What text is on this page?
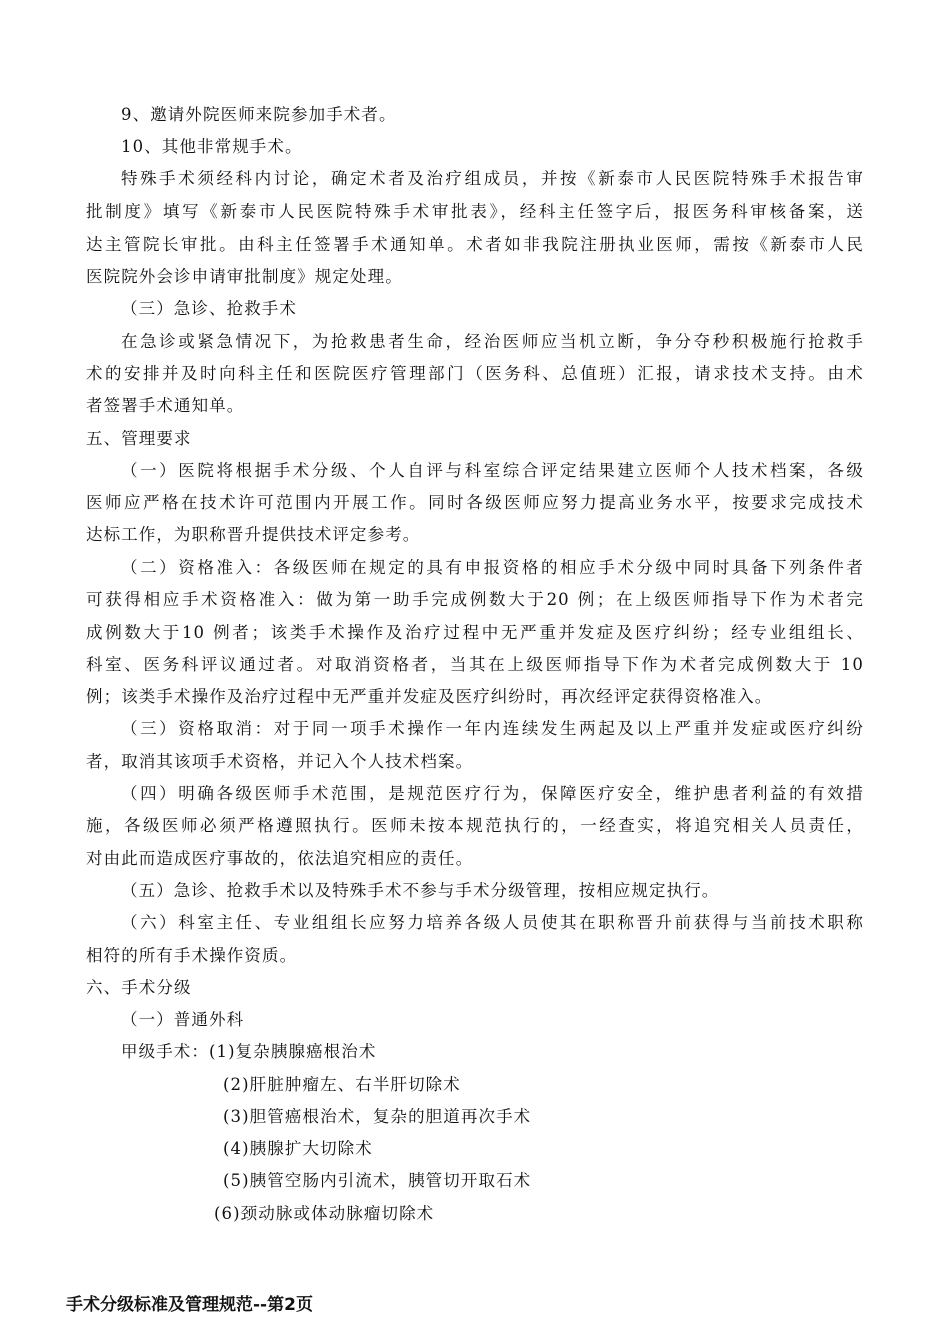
9、邀请外院医师来院参加手术者。
10、其他非常规手术。
特殊手术须经科内讨论，确定术者及治疗组成员，并按《新泰市人民医院特殊手术报告审
批制度》填写《新泰市人民医院特殊手术审批表》，经科主任签字后，报医务科审核备案，送
达主管院长审批。由科主任签署手术通知单。术者如非我院注册执业医师，需按《新泰市人民
医院院外会诊申请审批制度》规定处理。
（三）急诊、抢救手术
在急诊或紧急情况下，为抢救患者生命，经治医师应当机立断，争分夺秒积极施行抢救手
术的安排并及时向科主任和医院医疗管理部门（医务科、总值班）汇报，请求技术支持。由术
者签署手术通知单。
五、管理要求
（一）医院将根据手术分级、个人自评与科室综合评定结果建立医师个人技术档案，各级
医师应严格在技术许可范围内开展工作。同时各级医师应努力提高业务水平，按要求完成技术
达标工作，为职称晋升提供技术评定参考。
（二）资格准入：各级医师在规定的具有申报资格的相应手术分级中同时具备下列条件者
可获得相应手术资格准入：做为第一助手完成例数大于20 例；在上级医师指导下作为术者完
成例数大于10 例者；该类手术操作及治疗过程中无严重并发症及医疗纠纷；经专业组组长、
科室、医务科评议通过者。对取消资格者，当其在上级医师指导下作为术者完成例数大于 10
例；该类手术操作及治疗过程中无严重并发症及医疗纠纷时，再次经评定获得资格准入。
（三）资格取消：对于同一项手术操作一年内连续发生两起及以上严重并发症或医疗纠纷
者，取消其该项手术资格，并记入个人技术档案。
（四）明确各级医师手术范围，是规范医疗行为，保障医疗安全，维护患者利益的有效措
施，各级医师必须严格遵照执行。医师未按本规范执行的，一经查实，将追究相关人员责任，
对由此而造成医疗事故的，依法追究相应的责任。
（五）急诊、抢救手术以及特殊手术不参与手术分级管理，按相应规定执行。
（六）科室主任、专业组组长应努力培养各级人员使其在职称晋升前获得与当前技术职称
相符的所有手术操作资质。
六、手术分级
（一）普通外科
甲级手术：(1)复杂胰腺癌根治术
(2)肝脏肿瘤左、右半肝切除术
(3)胆管癌根治术，复杂的胆道再次手术
(4)胰腺扩大切除术
(5)胰管空肠内引流术，胰管切开取石术
(6)颈动脉或体动脉瘤切除术
手术分级标准及管理规范--第2页
